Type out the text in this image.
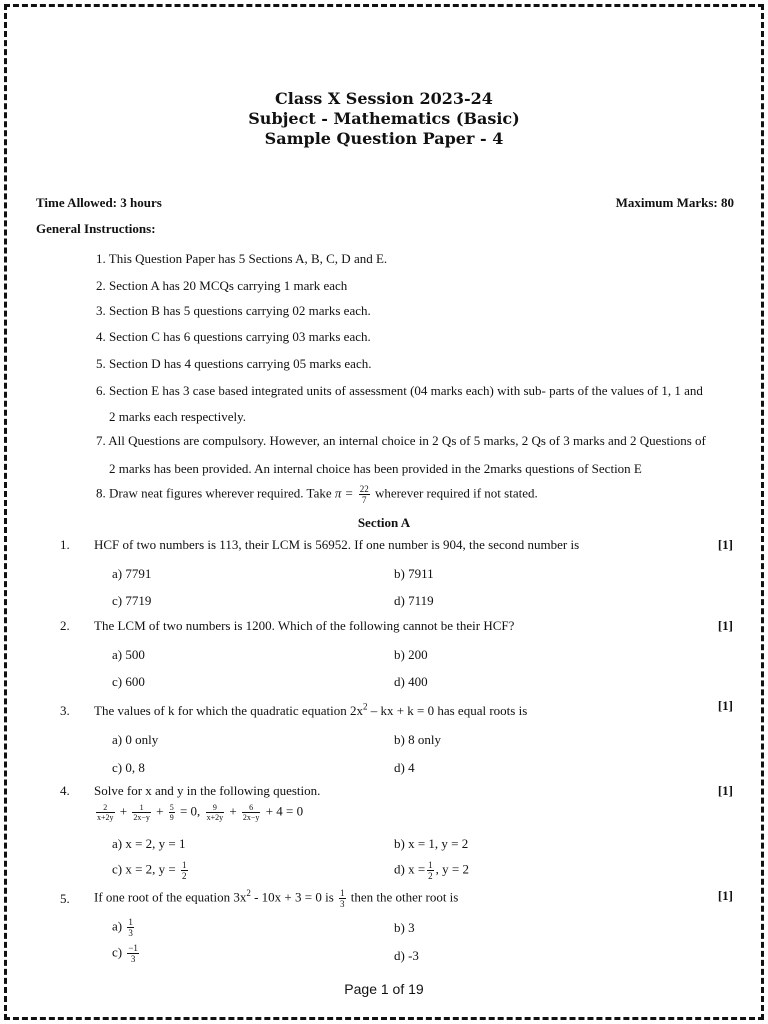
Class X Session 2023-24
Subject - Mathematics (Basic)
Sample Question Paper - 4
Time Allowed: 3 hours	Maximum Marks: 80
General Instructions:
1. This Question Paper has 5 Sections A, B, C, D and E.
2. Section A has 20 MCQs carrying 1 mark each
3. Section B has 5 questions carrying 02 marks each.
4. Section C has 6 questions carrying 03 marks each.
5. Section D has 4 questions carrying 05 marks each.
6. Section E has 3 case based integrated units of assessment (04 marks each) with sub- parts of the values of 1, 1 and
2 marks each respectively.
7. All Questions are compulsory. However, an internal choice in 2 Qs of 5 marks, 2 Qs of 3 marks and 2 Questions of
2 marks has been provided. An internal choice has been provided in the 2marks questions of Section E
8. Draw neat figures wherever required. Take $\pi = \frac{22}{7}$ wherever required if not stated.
Section A
1. HCF of two numbers is 113, their LCM is 56952. If one number is 904, the second number is	[1]
a) 7791	b) 7911
c) 7719	d) 7119
2. The LCM of two numbers is 1200. Which of the following cannot be their HCF?	[1]
a) 500	b) 200
c) 600	d) 400
3. The values of k for which the quadratic equation $2x^2$ – kx + k = 0 has equal roots is	[1]
a) 0 only	b) 8 only
c) 0, 8	d) 4
4. Solve for x and y in the following question.	[1]
$\frac{2}{x+2y} + \frac{1}{2x-y} + \frac{5}{9} = 0$, $\frac{9}{x+2y} + \frac{6}{2x-y} + 4 = 0$
a) x = 2, y = 1	b) x = 1, y = 2
c) x = 2, $y = \frac{1}{2}$	d) $x = \frac{1}{2}$ , y = 2
5. If one root of the equation $3x^2 - 10x + 3 = 0$ is $\frac{1}{3}$ then the other root is	[1]
$a) \frac{1}{3}$	b) 3
$c) \frac{-1}{3}$	d) -3
Page 1 of 19
